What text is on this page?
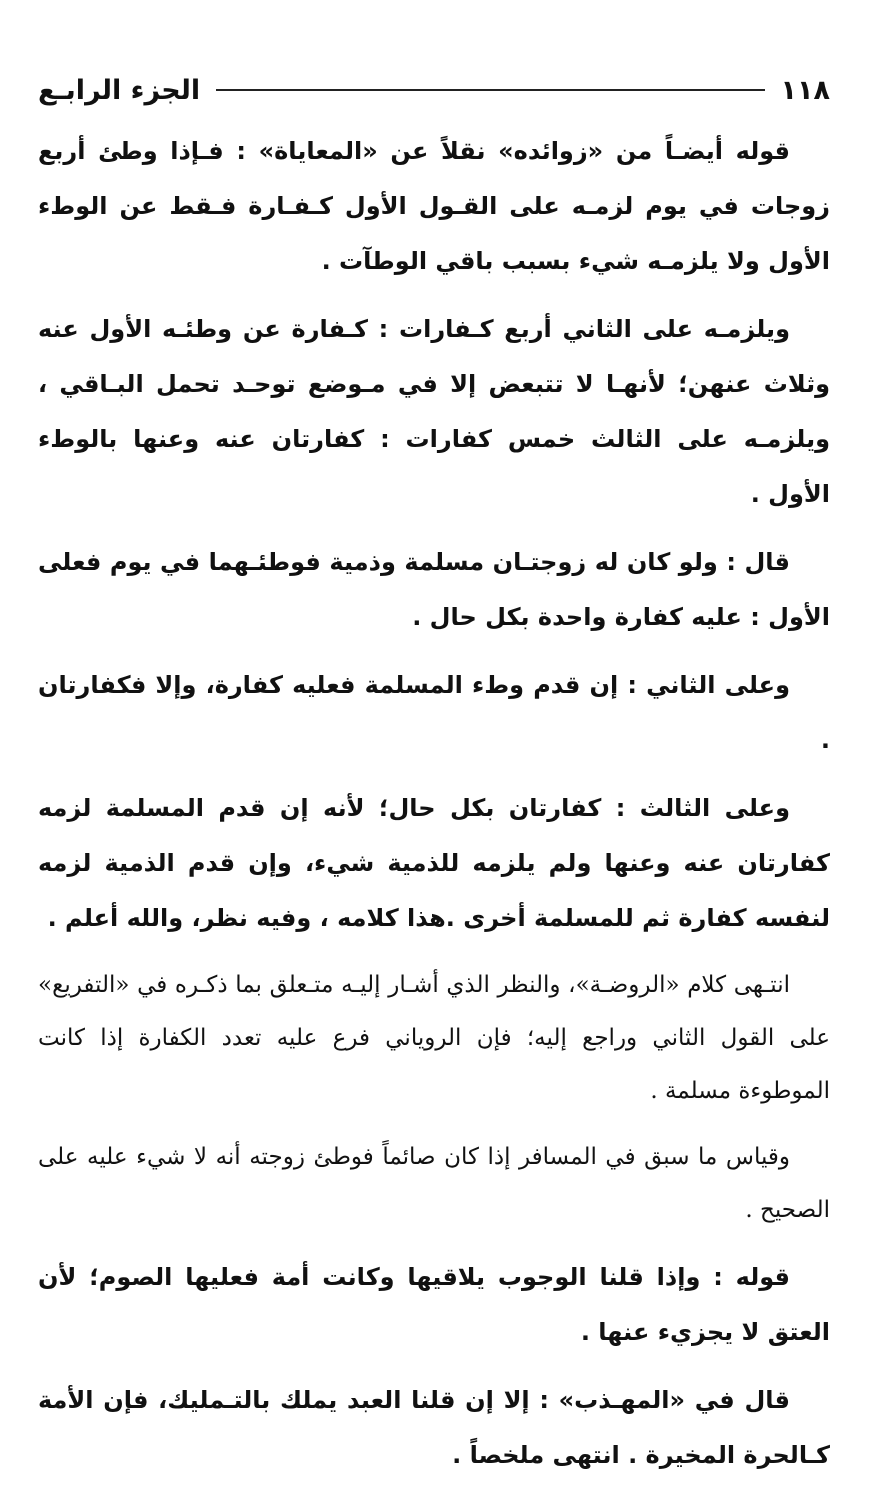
١١٨
الجزء الرابـع

قوله أيضـاً من «زوائده» نقلاً عن «المعاياة» : فـإذا وطئ أربع زوجات في يوم لزمـه على القـول الأول كـفـارة فـقط عن الوطء الأول ولا يلزمـه شيء بسبب باقي الوطآت .

ويلزمـه على الثاني أربع كـفارات : كـفارة عن وطئـه الأول عنه وثلاث عنهن؛ لأنهـا لا تتبعض إلا في مـوضع توحـد تحمل البـاقي ، ويلزمـه على الثالث خمس كفارات : كفارتان عنه وعنها بالوطء الأول .

قال : ولو كان له زوجتـان مسلمة وذمية فوطئـهما في يوم فعلى الأول : عليه كفارة واحدة بكل حال .

وعلى الثاني : إن قدم وطء المسلمة فعليه كفارة، وإلا فكفارتان .

وعلى الثالث : كفارتان بكل حال؛ لأنه إن قدم المسلمة لزمه كفارتان عنه وعنها ولم يلزمه للذمية شيء، وإن قدم الذمية لزمه لنفسه كفارة ثم للمسلمة أخرى .هذا كلامه ، وفيه نظر، والله أعلم .

انتـهى كلام «الروضـة»، والنظر الذي أشـار إليـه متـعلق بما ذكـره في «التفريع» على القول الثاني وراجع إليه؛ فإن الروياني فرع عليه تعدد الكفارة إذا كانت الموطوءة مسلمة .

وقياس ما سبق في المسافر إذا كان صائماً فوطئ زوجته أنه لا شيء عليه على الصحيح .

قوله : وإذا قلنا الوجوب يلاقيها وكانت أمة فعليها الصوم؛ لأن العتق لا يجزيء عنها .

قال في «المهـذب» : إلا إن قلنا العبد يملك بالتـمليك، فإن الأمة كـالحرة المخيرة . انتهى ملخصاً .
